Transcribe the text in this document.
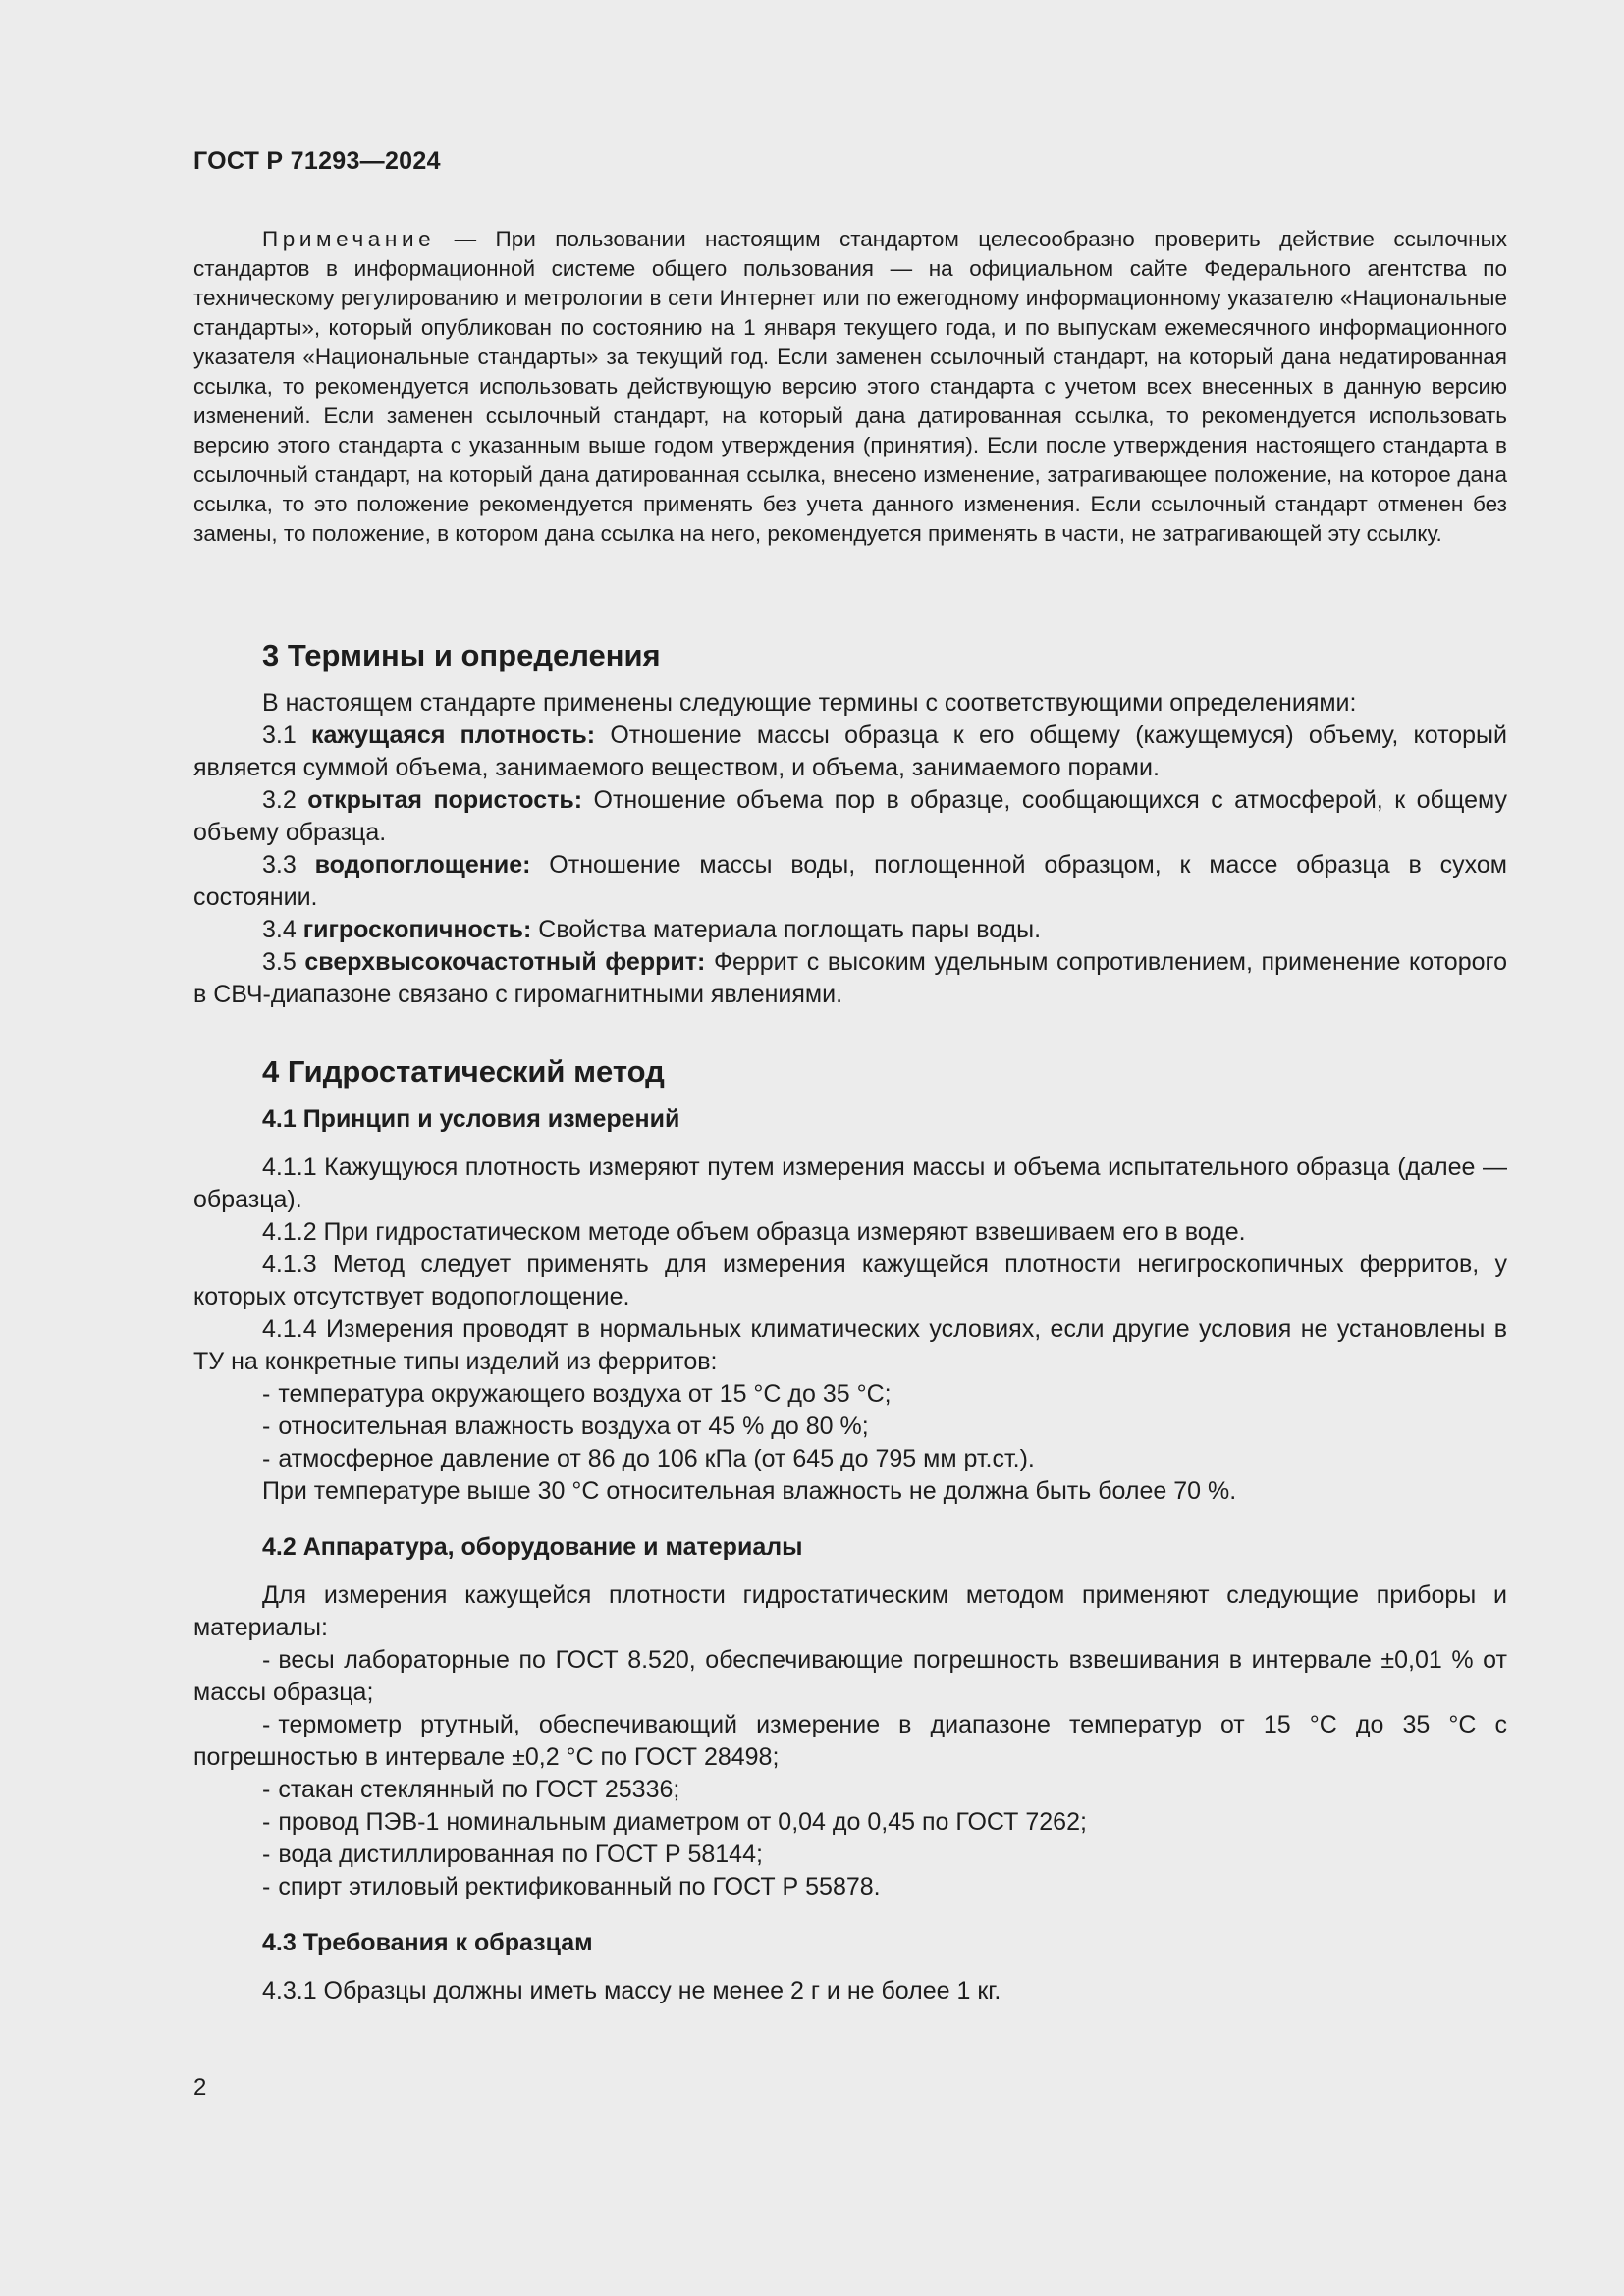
ГОСТ Р 71293—2024
Примечание — При пользовании настоящим стандартом целесообразно проверить действие ссылочных стандартов в информационной системе общего пользования — на официальном сайте Федерального агентства по техническому регулированию и метрологии в сети Интернет или по ежегодному информационному указателю «Национальные стандарты», который опубликован по состоянию на 1 января текущего года, и по выпускам ежемесячного информационного указателя «Национальные стандарты» за текущий год. Если заменен ссылочный стандарт, на который дана недатированная ссылка, то рекомендуется использовать действующую версию этого стандарта с учетом всех внесенных в данную версию изменений. Если заменен ссылочный стандарт, на который дана датированная ссылка, то рекомендуется использовать версию этого стандарта с указанным выше годом утверждения (принятия). Если после утверждения настоящего стандарта в ссылочный стандарт, на который дана датированная ссылка, внесено изменение, затрагивающее положение, на которое дана ссылка, то это положение рекомендуется применять без учета данного изменения. Если ссылочный стандарт отменен без замены, то положение, в котором дана ссылка на него, рекомендуется применять в части, не затрагивающей эту ссылку.
3 Термины и определения

В настоящем стандарте применены следующие термины с соответствующими определениями:

3.1 кажущаяся плотность: Отношение массы образца к его общему (кажущемуся) объему, который является суммой объема, занимаемого веществом, и объема, занимаемого порами.

3.2 открытая пористость: Отношение объема пор в образце, сообщающихся с атмосферой, к общему объему образца.

3.3 водопоглощение: Отношение массы воды, поглощенной образцом, к массе образца в сухом состоянии.

3.4 гигроскопичность: Свойства материала поглощать пары воды.

3.5 сверхвысокочастотный феррит: Феррит с высоким удельным сопротивлением, применение которого в СВЧ-диапазоне связано с гиромагнитными явлениями.

4 Гидростатический метод
4.1 Принцип и условия измерений

4.1.1 Кажущуюся плотность измеряют путем измерения массы и объема испытательного образца (далее — образца).

4.1.2 При гидростатическом методе объем образца измеряют взвешиваем его в воде.

4.1.3 Метод следует применять для измерения кажущейся плотности негигроскопичных ферритов, у которых отсутствует водопоглощение.

4.1.4 Измерения проводят в нормальных климатических условиях, если другие условия не установлены в ТУ на конкретные типы изделий из ферритов:

- температура окружающего воздуха от 15 °С до 35 °С;
- относительная влажность воздуха от 45 % до 80 %;
- атмосферное давление от 86 до 106 кПа (от 645 до 795 мм рт.ст.).

При температуре выше 30 °С относительная влажность не должна быть более 70 %.

4.2 Аппаратура, оборудование и материалы

Для измерения кажущейся плотности гидростатическим методом применяют следующие приборы и материалы:

- весы лабораторные по ГОСТ 8.520, обеспечивающие погрешность взвешивания в интервале ±0,01 % от массы образца;

- термометр ртутный, обеспечивающий измерение в диапазоне температур от 15 °С до 35 °С с погрешностью в интервале ±0,2 °С по ГОСТ 28498;

- стакан стеклянный по ГОСТ 25336;
- провод ПЭВ-1 номинальным диаметром от 0,04 до 0,45 по ГОСТ 7262;
- вода дистиллированная по ГОСТ Р 58144;
- спирт этиловый ректификованный по ГОСТ Р 55878.
4.3 Требования к образцам

4.3.1 Образцы должны иметь массу не менее 2 г и не более 1 кг.

2
